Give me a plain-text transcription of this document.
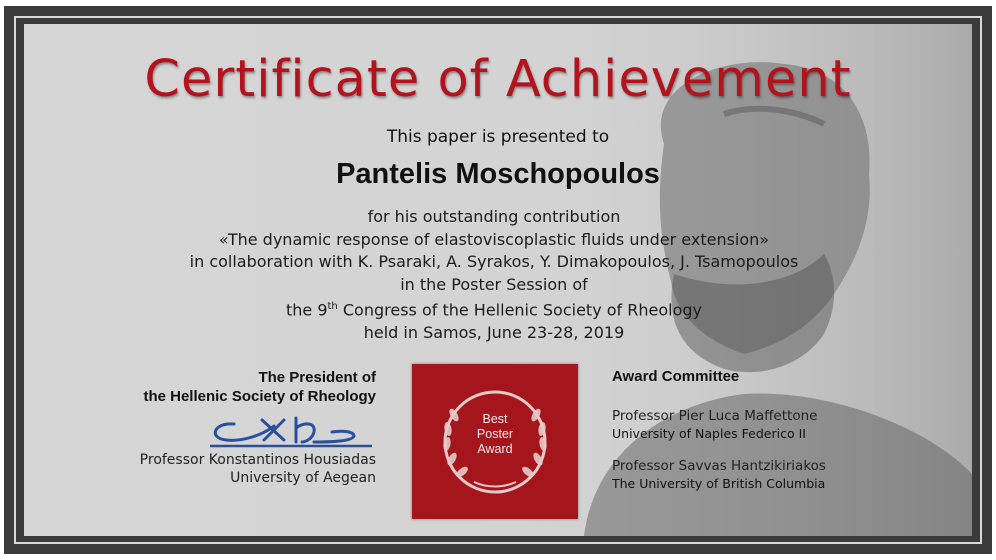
Certificate of Achievement
This paper is presented to
Pantelis Moschopoulos
for his outstanding contribution
«The dynamic response of elastoviscoplastic fluids under extension»
in collaboration with K. Psaraki, A. Syrakos, Y. Dimakopoulos, J. Tsamopoulos
in the Poster Session of
the 9th Congress of the Hellenic Society of Rheology
held in Samos, June 23-28, 2019
The President of
the Hellenic Society of Rheology
Professor Konstantinos Housiadas
University of Aegean
Best
Poster
Award
Award Committee
Professor Pier Luca Maffettone
University of Naples Federico II
Professor Savvas Hantzikiriakos
The University of British Columbia
